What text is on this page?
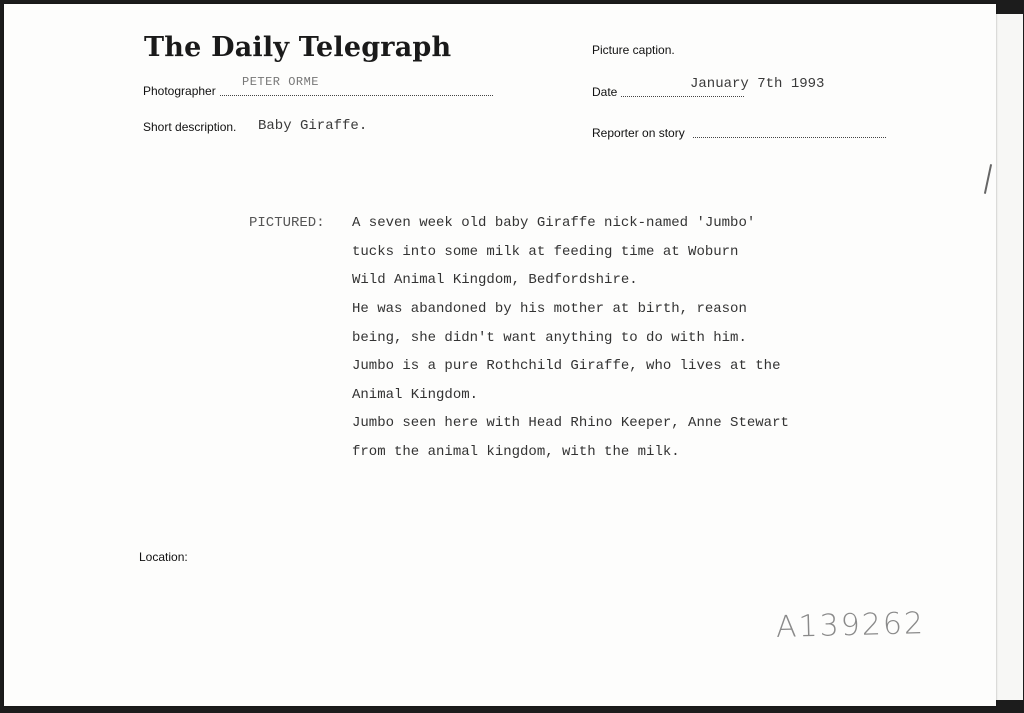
The Daily Telegraph
Photographer
PETER ORME
Short description. Baby Giraffe.
Picture caption.
Date	January 7th 1993
Reporter on story
PICTURED: A seven week old baby Giraffe nick-named 'Jumbo'
tucks into some milk at feeding time at Woburn
Wild Animal Kingdom, Bedfordshire.
He was abandoned by his mother at birth, reason
being, she didn't want anything to do with him.
Jumbo is a pure Rothchild Giraffe, who lives at the
Animal Kingdom.
Jumbo seen here with Head Rhino Keeper, Anne Stewart
from the animal kingdom, with the milk.
Location:
A139262
